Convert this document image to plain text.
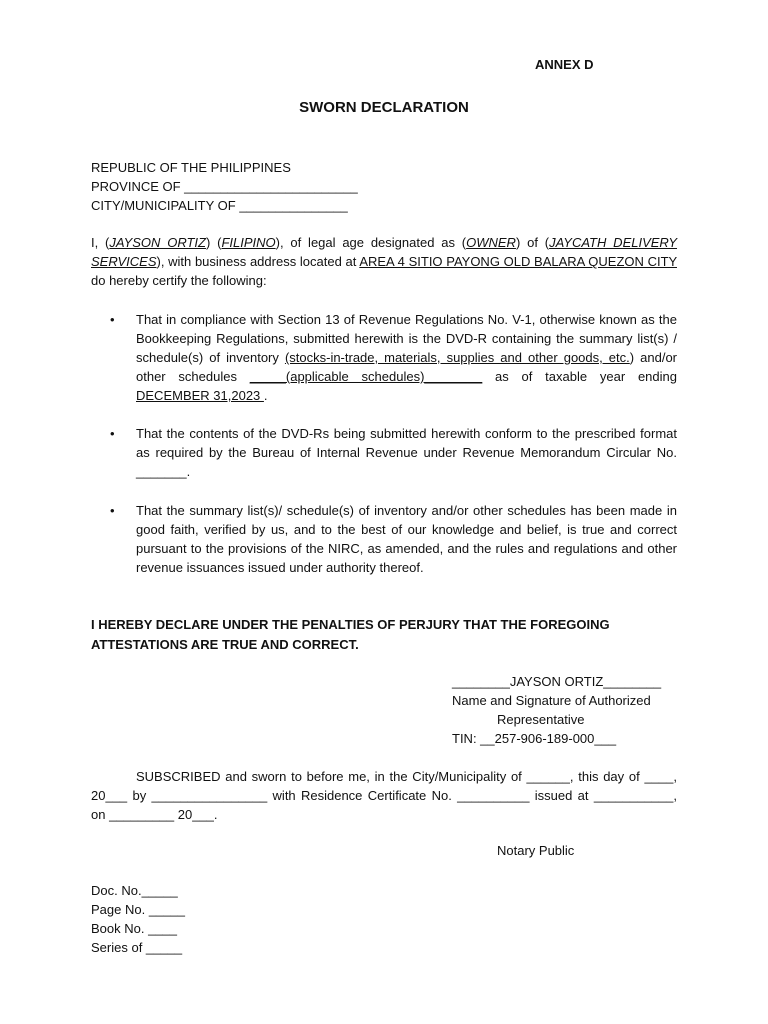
ANNEX D
SWORN DECLARATION
REPUBLIC OF THE PHILIPPINES
PROVINCE OF ________________________
CITY/MUNICIPALITY OF _______________
I, (JAYSON ORTIZ) (FILIPINO), of legal age designated as (OWNER) of (JAYCATH DELIVERY SERVICES), with business address located at AREA 4 SITIO PAYONG OLD BALARA QUEZON CITY do hereby certify the following:
• That in compliance with Section 13 of Revenue Regulations No. V-1, otherwise known as the Bookkeeping Regulations, submitted herewith is the DVD-R containing the summary list(s) / schedule(s) of inventory (stocks-in-trade, materials, supplies and other goods, etc.) and/or other schedules _____(applicable schedules)________ as of taxable year ending DECEMBER 31,2023 .
• That the contents of the DVD-Rs being submitted herewith conform to the prescribed format as required by the Bureau of Internal Revenue under Revenue Memorandum Circular No. _______.
• That the summary list(s)/ schedule(s) of inventory and/or other schedules has been made in good faith, verified by us, and to the best of our knowledge and belief, is true and correct pursuant to the provisions of the NIRC, as amended, and the rules and regulations and other revenue issuances issued under authority thereof.
I HEREBY DECLARE UNDER THE PENALTIES OF PERJURY THAT THE FOREGOING ATTESTATIONS ARE TRUE AND CORRECT.
________JAYSON ORTIZ________
Name and Signature of Authorized
Representative
TIN: __257-906-189-000___
SUBSCRIBED and sworn to before me, in the City/Municipality of ______, this day of ____, 20___ by ________________ with Residence Certificate No. __________ issued at ___________, on _________ 20___.
Notary Public
Doc. No._____
Page No. _____
Book No. ____
Series of _____
